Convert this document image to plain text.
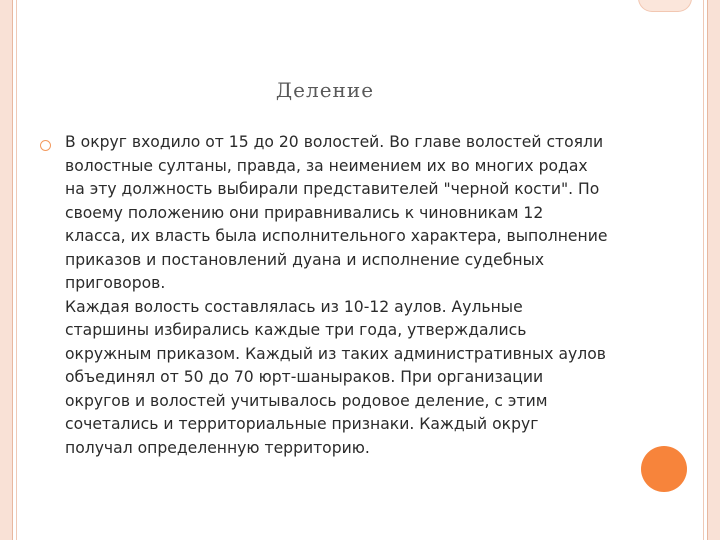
Деление
В округ входило от 15 до 20 волостей. Во главе волостей стояли
волостные султаны, правда, за неимением их во многих родах
на эту должность выбирали представителей "черной кости". По
своему положению они приравнивались к чиновникам 12
класса, их власть была исполнительного характера, выполнение
приказов и постановлений дуана и исполнение судебных
приговоров.
Каждая волость составлялась из 10-12 аулов. Аульные
старшины избирались каждые три года, утверждались
окружным приказом. Каждый из таких административных аулов
объединял от 50 до 70 юрт-шаныраков. При организации
округов и волостей учитывалось родовое деление, с этим
сочетались и территориальные признаки. Каждый округ
получал определенную территорию.
